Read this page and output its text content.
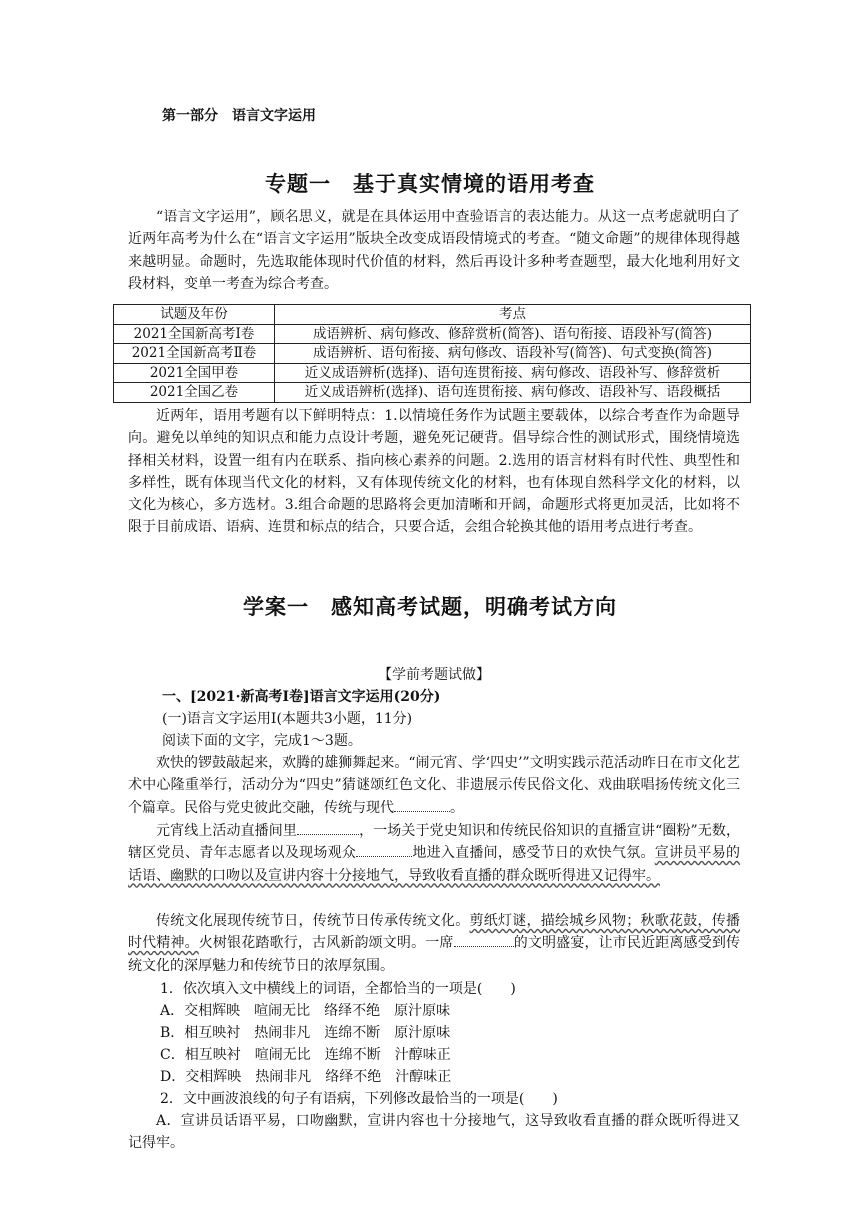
第一部分　语言文字运用
专题一　基于真实情境的语用考查
“语言文字运用”，顾名思义，就是在具体运用中查验语言的表达能力。从这一点考虑就明白了近两年高考为什么在“语言文字运用”版块全改变成语段情境式的考查。“随文命题”的规律体现得越来越明显。命题时，先选取能体现时代价值的材料，然后再设计多种考查题型，最大化地利用好文段材料，变单一考查为综合考查。
试题及年份	考点
2021全国新高考Ⅰ卷	成语辨析、病句修改、修辞赏析(简答)、语句衔接、语段补写(简答)
2021全国新高考Ⅱ卷	成语辨析、语句衔接、病句修改、语段补写(简答)、句式变换(简答)
2021全国甲卷	近义成语辨析(选择)、语句连贯衔接、病句修改、语段补写、修辞赏析
2021全国乙卷	近义成语辨析(选择)、语句连贯衔接、病句修改、语段补写、语段概括
近两年，语用考题有以下鲜明特点：1.以情境任务作为试题主要载体，以综合考查作为命题导向。避免以单纯的知识点和能力点设计考题，避免死记硬背。倡导综合性的测试形式，围绕情境选择相关材料，设置一组有内在联系、指向核心素养的问题。2.选用的语言材料有时代性、典型性和多样性，既有体现当代文化的材料，又有体现传统文化的材料，也有体现自然科学文化的材料，以文化为核心，多方选材。3.组合命题的思路将会更加清晰和开阔，命题形式将更加灵活，比如将不限于目前成语、语病、连贯和标点的结合，只要合适，会组合轮换其他的语用考点进行考查。
学案一　感知高考试题，明确考试方向
【学前考题试做】
一、[2021·新高考Ⅰ卷]语言文字运用(20分)
(一)语言文字运用Ⅰ(本题共3小题，11分)
阅读下面的文字，完成1～3题。
欢快的锣鼓敲起来，欢腾的雄狮舞起来。“闹元宵、学‘四史’”文明实践示范活动昨日在市文化艺术中心隆重举行，活动分为“四史”猜谜颂红色文化、非遗展示传民俗文化、戏曲联唱扬传统文化三个篇章。民俗与党史彼此交融，传统与现代	。
元宵线上活动直播间里	，一场关于党史知识和传统民俗知识的直播宣讲“圈粉”无数，辖区党员、青年志愿者以及现场观众	地进入直播间，感受节日的欢快气氛。宣讲员平易的话语、幽默的口吻以及宣讲内容十分接地气，导致收看直播的群众既听得进又记得牢。
传统文化展现传统节日，传统节日传承传统文化。剪纸灯谜，描绘城乡风物；秋歌花鼓，传播时代精神。火树银花踏歌行，古风新韵颂文明。一席	的文明盛宴，让市民近距离感受到传统文化的深厚魅力和传统节日的浓厚氛围。
1．依次填入文中横线上的词语，全都恰当的一项是(　　)
A．交相辉映　喧闹无比　络绎不绝　原汁原味
B．相互映衬　热闹非凡　连绵不断　原汁原味
C．相互映衬　喧闹无比　连绵不断　汁醇味正
D．交相辉映　热闹非凡　络绎不绝　汁醇味正
2．文中画波浪线的句子有语病，下列修改最恰当的一项是(　　)
A．宣讲员话语平易，口吻幽默，宣讲内容也十分接地气，这导致收看直播的群众既听得进又记得牢。
